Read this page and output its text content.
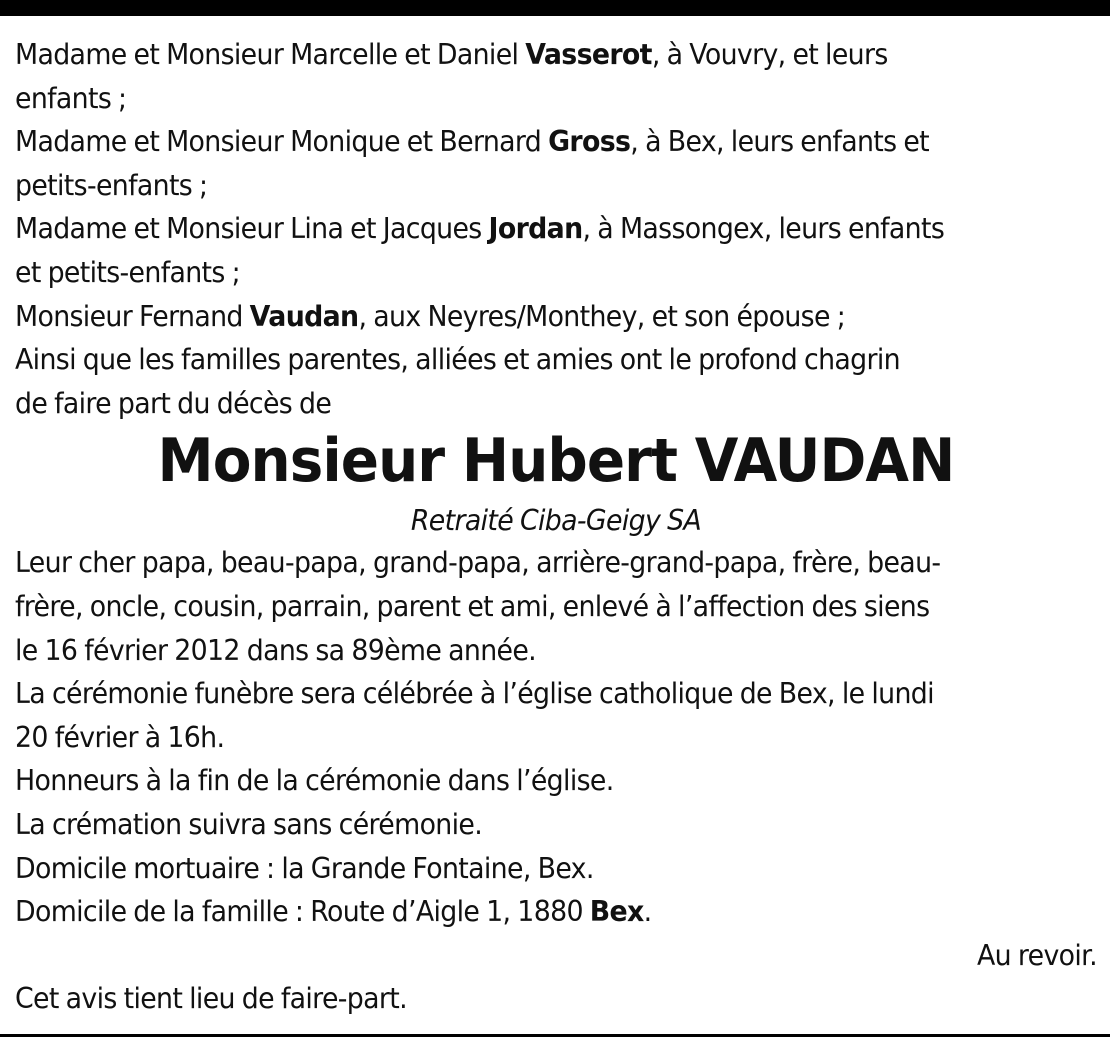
Madame et Monsieur Marcelle et Daniel Vasserot, à Vouvry, et leurs
enfants ;
Madame et Monsieur Monique et Bernard Gross, à Bex, leurs enfants et
petits-enfants ;
Madame et Monsieur Lina et Jacques Jordan, à Massongex, leurs enfants
et petits-enfants ;
Monsieur Fernand Vaudan, aux Neyres/Monthey, et son épouse ;
Ainsi que les familles parentes, alliées et amies ont le profond chagrin
de faire part du décès de
Monsieur Hubert VAUDAN
Retraité Ciba-Geigy SA
Leur cher papa, beau-papa, grand-papa, arrière-grand-papa, frère, beau-
frère, oncle, cousin, parrain, parent et ami, enlevé à l’affection des siens
le 16 février 2012 dans sa 89ème année.
La cérémonie funèbre sera célébrée à l’église catholique de Bex, le lundi
20 février à 16h.
Honneurs à la fin de la cérémonie dans l’église.
La crémation suivra sans cérémonie.
Domicile mortuaire : la Grande Fontaine, Bex.
Domicile de la famille : Route d’Aigle 1, 1880 Bex.
Au revoir.
Cet avis tient lieu de faire-part.
